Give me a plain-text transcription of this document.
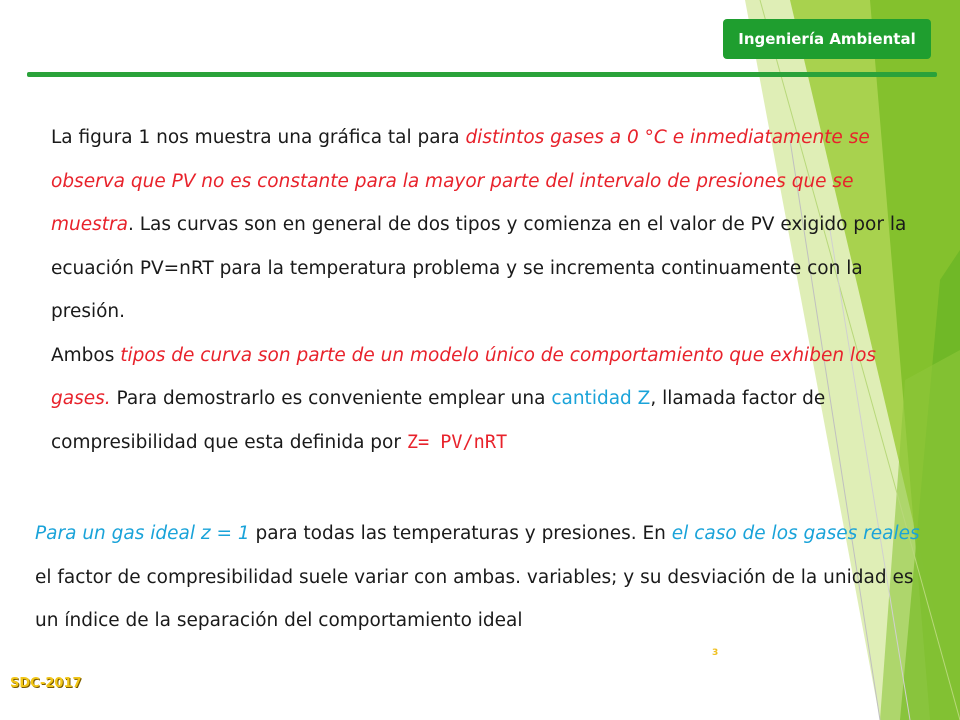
Ingeniería Ambiental

La figura 1 nos muestra una gráfica tal para distintos gases a 0 °C e inmediatamente se observa que PV no es constante para la mayor parte del intervalo de presiones que se muestra. Las curvas son en general de dos tipos y comienza en el valor de PV exigido por la ecuación PV=nRT para la temperatura problema y se incrementa continuamente con la presión.
Ambos tipos de curva son parte de un modelo único de comportamiento que exhiben los gases. Para demostrarlo es conveniente emplear una cantidad Z, llamada factor de compresibilidad que esta definida por Z= PV/nRT

Para un gas ideal z = 1 para todas las temperaturas y presiones. En el caso de los gases reales el factor de compresibilidad suele variar con ambas. variables; y su desviación de la unidad es un índice de la separación del comportamiento ideal

3
SDC-2017
